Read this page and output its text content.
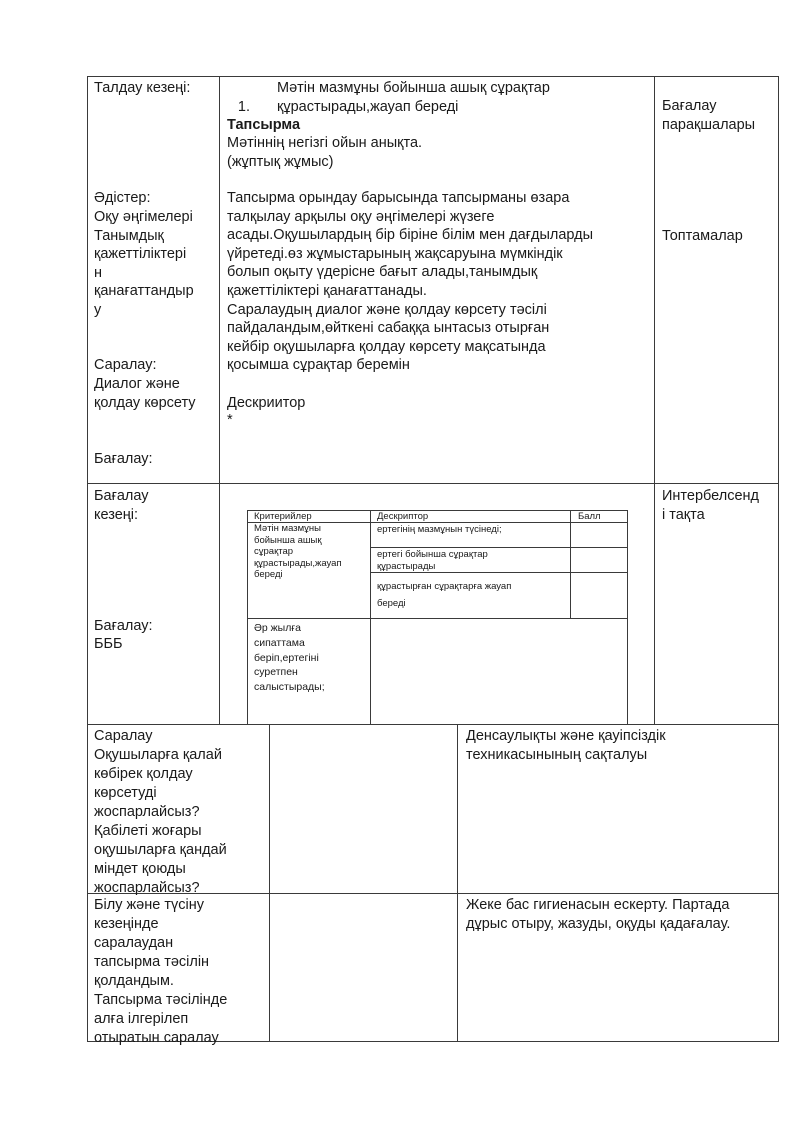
Талдау кезеңі:
Әдістер:
Оқу әңгімелері
Танымдық
қажеттіліктері
н
қанағаттандыр
у
Саралау:
Диалог және
қолдау көрсету
Бағалау:

1.

Мәтін мазмұны бойынша ашық сұрақтар
құрастырады,жауап береді
Тапсырма
Мәтіннің негізгі ойын анықта.
(жұптық жұмыс)
Тапсырма орындау барысында тапсырманы өзара
талқылау арқылы оқу әңгімелері жүзеге
асады.Оқушылардың бір біріне білім мен дағдыларды
үйретеді.өз жұмыстарының жақсаруына мүмкіндік
болып оқыту үдерісне бағыт алады,танымдық
қажеттіліктері қанағаттанады.
Саралаудың диалог және қолдау көрсету тәсілі
пайдаландым,өйткені сабаққа ынтасыз отырған
кейбір оқушыларға қолдау көрсету мақсатында
қосымша сұрақтар беремін
Дескриитор
*
Бағалау
парақшалары
Топтамалар
Бағалау
кезеңі:
Бағалау:
БББ
Интербелсенд
і тақта
Критерийлер	Дескриптор	Балл
Мәтін мазмұны
бойынша ашық
сұрақтар
құрастырады,жауап
береді
ертегінің мазмұнын түсінеді;
ертегі бойынша сұрақтар
құрастырады
құрастырған сұрақтарға жауап
береді
Әр жылға
сипаттама
беріп,ертегіні
суретпен
салыстырады;
Саралау
Оқушыларға қалай
көбірек қолдау
көрсетуді
жоспарлайсыз?
Қабілеті жоғары
оқушыларға қандай
міндет қоюды
жоспарлайсыз?
Денсаулықты және қауіпсіздік
техникасынының сақталуы
Білу және түсіну
кезеңінде
саралаудан
тапсырма тәсілін
қолдандым.
Тапсырма тәсілінде
алға ілгерілеп
отыратын саралау
Жеке бас гигиенасын ескерту. Партада
дұрыс отыру, жазуды, оқуды қадағалау.
